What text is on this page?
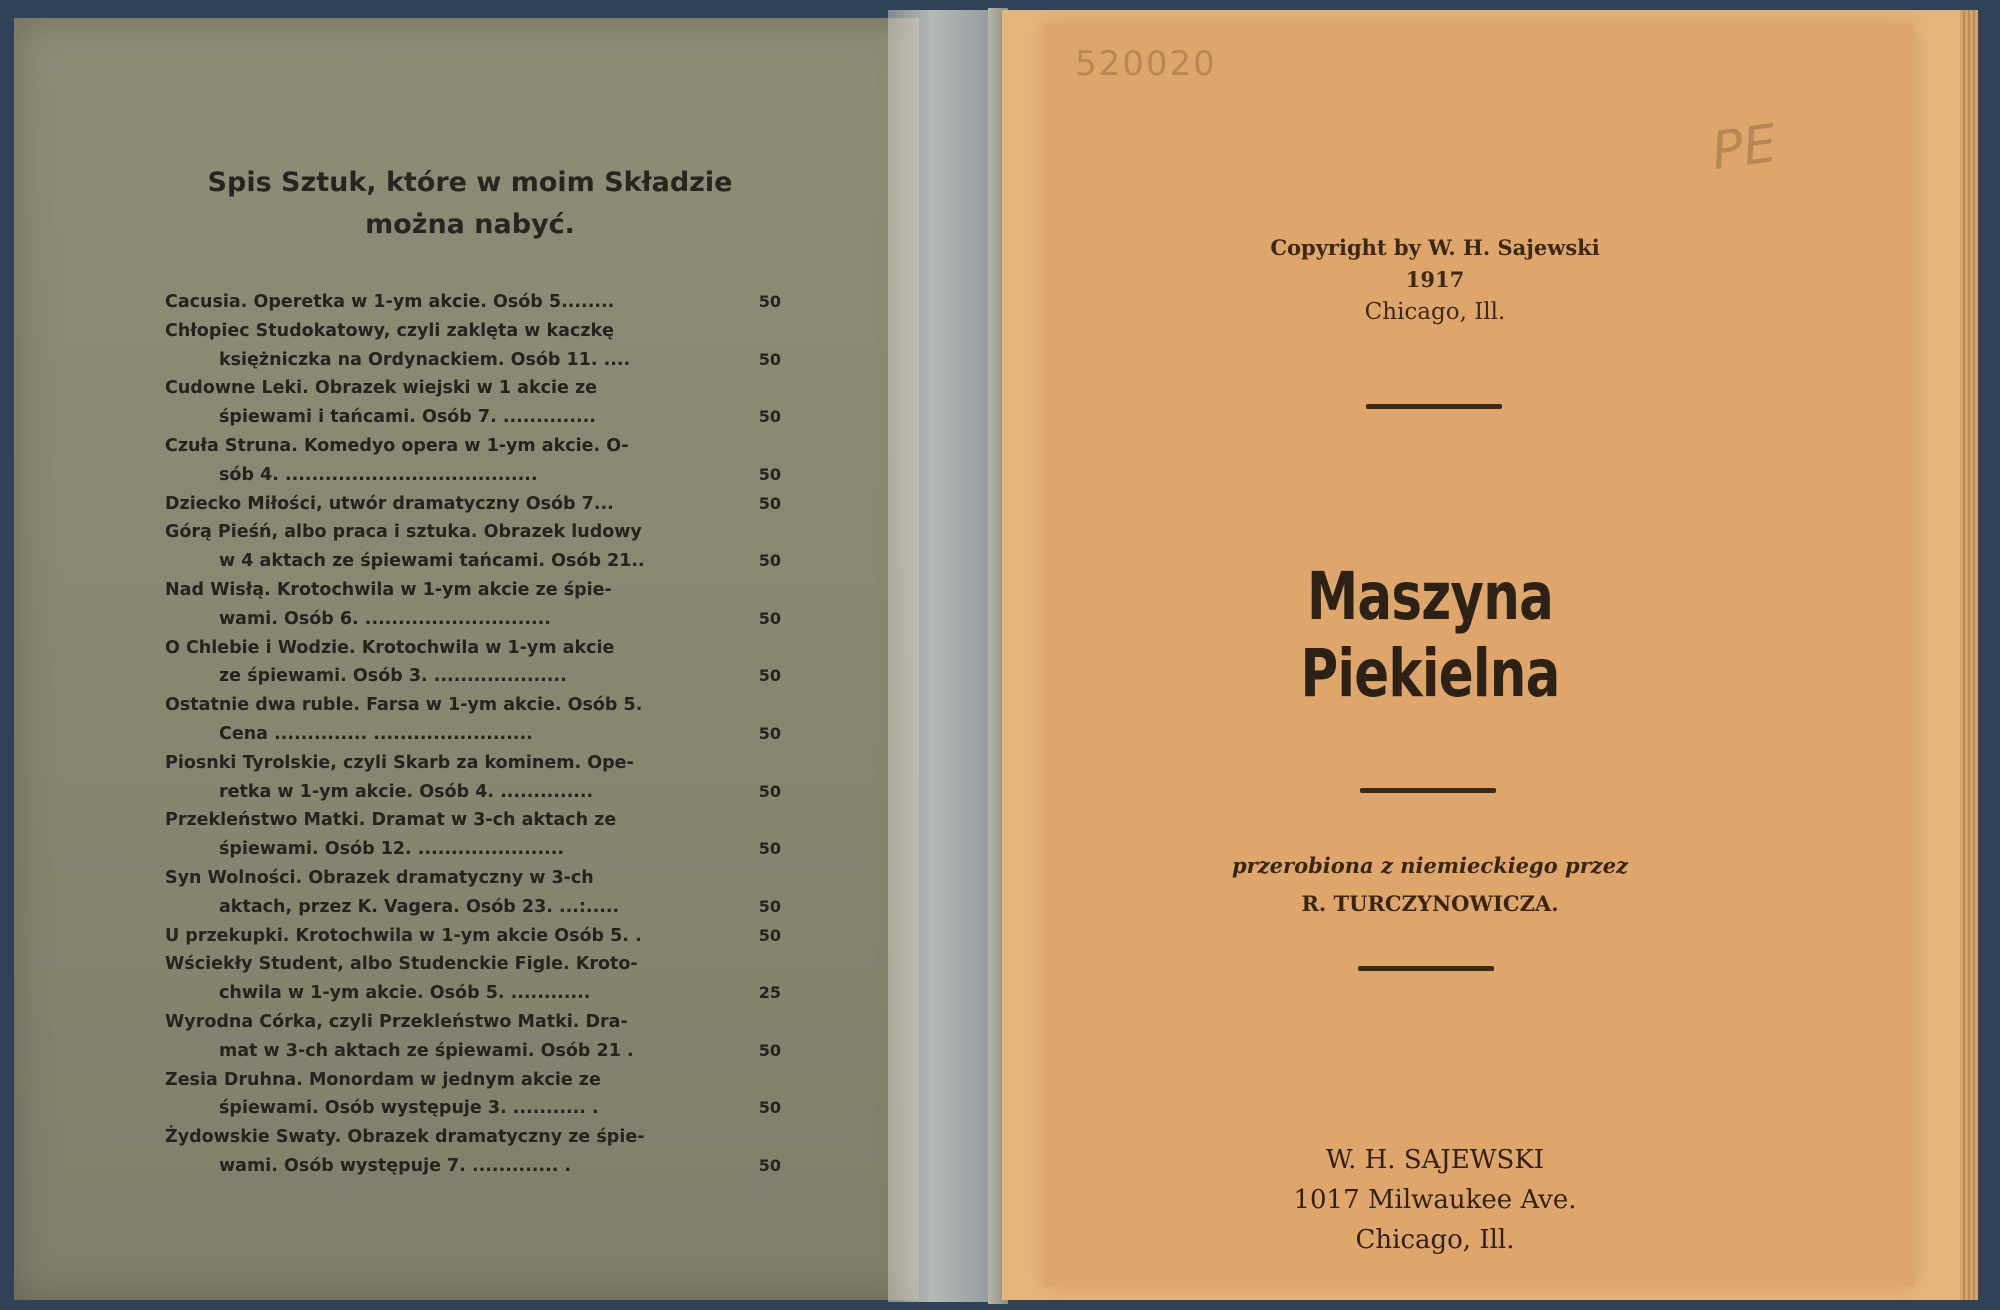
Spis Sztuk, które w moim Składzie
można nabyć.
Cacusia. Operetka w 1-ym akcie. Osób 5........	50
Chłopiec Studokatowy, czyli zaklęta w kaczkę
księżniczka na Ordynackiem. Osób 11. ....	50
Cudowne Leki. Obrazek wiejski w 1 akcie ze
śpiewami i tańcami. Osób 7. ..............	50
Czuła Struna. Komedyo opera w 1-ym akcie. O-
sób 4. ......................................	50
Dziecko Miłości, utwór dramatyczny Osób 7...	50
Górą Pieśń, albo praca i sztuka. Obrazek ludowy
w 4 aktach ze śpiewami tańcami. Osób 21..	50
Nad Wisłą. Krotochwila w 1-ym akcie ze śpie-
wami. Osób 6. ............................	50
O Chlebie i Wodzie. Krotochwila w 1-ym akcie
ze śpiewami. Osób 3. ....................	50
Ostatnie dwa ruble. Farsa w 1-ym akcie. Osób 5.
Cena .............. ........................	50
Piosnki Tyrolskie, czyli Skarb za kominem. Ope-
retka w 1-ym akcie. Osób 4. ..............	50
Przekleństwo Matki. Dramat w 3-ch aktach ze
śpiewami. Osób 12. ......................	50
Syn Wolności. Obrazek dramatyczny w 3-ch
aktach, przez K. Vagera. Osób 23. ...:.....	50
U przekupki. Krotochwila w 1-ym akcie Osób 5. .	50
Wściekły Student, albo Studenckie Figle. Kroto-
chwila w 1-ym akcie. Osób 5. ............	25
Wyrodna Córka, czyli Przekleństwo Matki. Dra-
mat w 3-ch aktach ze śpiewami. Osób 21 .	50
Zesia Druhna. Monordam w jednym akcie ze
śpiewami. Osób występuje 3. ........... .	50
Żydowskie Swaty. Obrazek dramatyczny ze śpie-
wami. Osób występuje 7. ............. .	50
520020
PE
Copyright by W. H. Sajewski
1917
Chicago, Ill.
Maszyna Piekielna
przerobiona z niemieckiego przez
R. TURCZYNOWICZA.
W. H. SAJEWSKI
1017 Milwaukee Ave.
Chicago, Ill.
